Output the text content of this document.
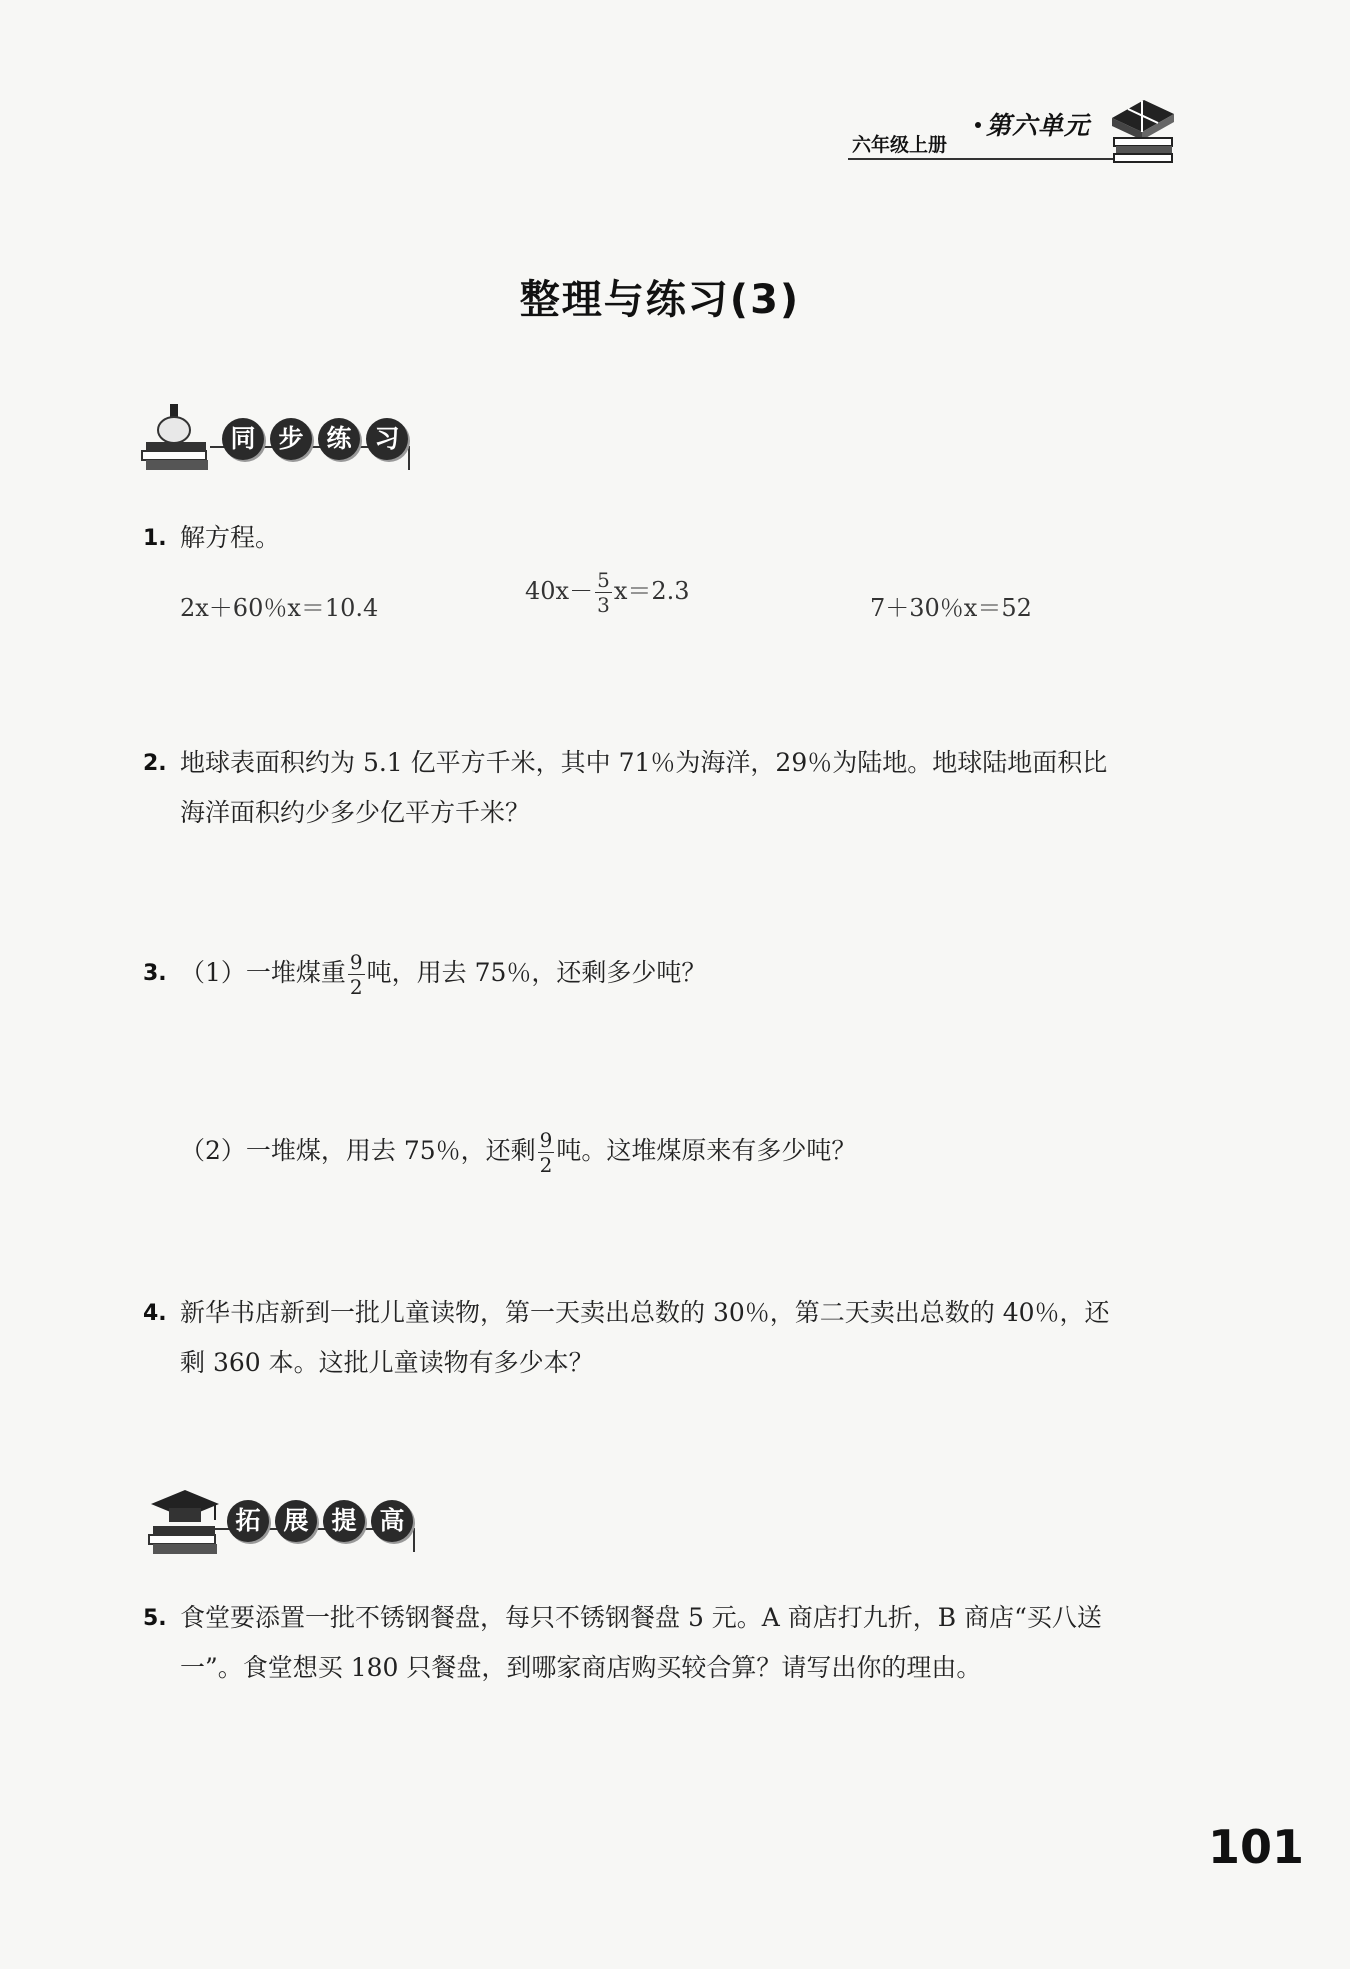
第六单元
六年级上册
整理与练习(3)
同 步 练 习
1. 解方程。
2x＋60％x＝10.4
$40x- \frac{5}{3} x=2.3$
7＋30％x＝52
2. 地球表面积约为 5.1 亿平方千米，其中 71％为海洋，29％为陆地。地球陆地面积比
海洋面积约少多少亿平方千米？
3. （1）一堆煤重 $\frac{9}{2}$ 吨，用去 75％，还剩多少吨？
（2）一堆煤，用去 75％，还剩 $\frac{9}{2}$ 吨。这堆煤原来有多少吨？
4. 新华书店新到一批儿童读物，第一天卖出总数的 30％，第二天卖出总数的 40％，还
剩 360 本。这批儿童读物有多少本？
拓 展 提 高
5. 食堂要添置一批不锈钢餐盘，每只不锈钢餐盘 5 元。A 商店打九折，B 商店“买八送
一”。食堂想买 180 只餐盘，到哪家商店购买较合算？请写出你的理由。
101
